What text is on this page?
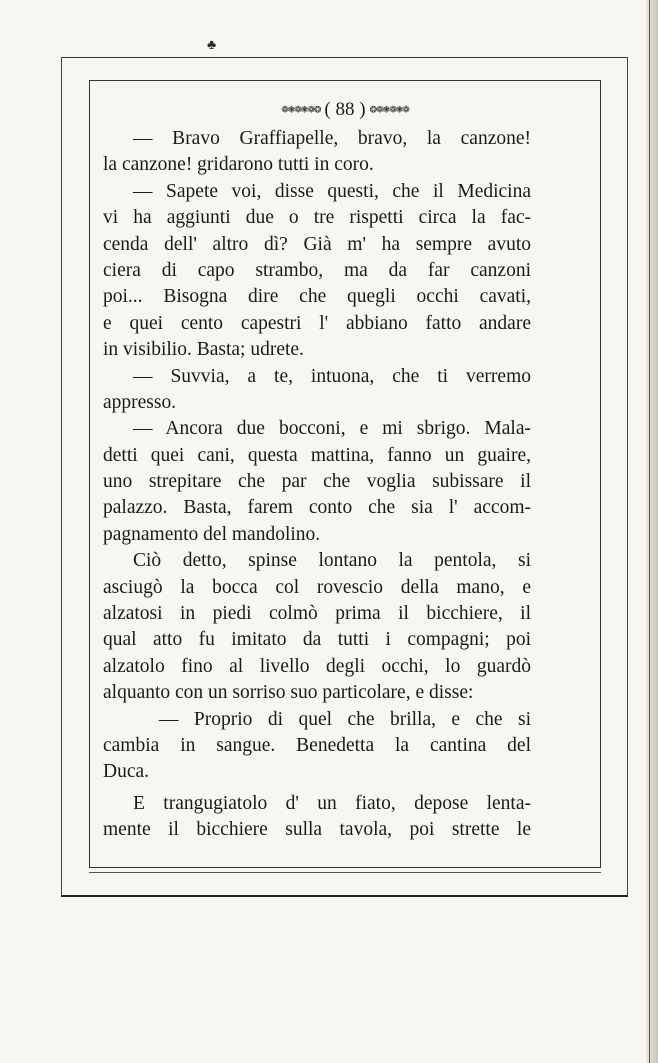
♣
❁❃❁❃❁❂ ( 88 ) ❂❁❃❁❃❁
— Bravo Graffiapelle, bravo, la canzone!
la canzone! gridarono tutti in coro.
— Sapete voi, disse questi, che il Medicina
vi ha aggiunti due o tre rispetti circa la fac-
cenda dell' altro dì? Già m' ha sempre avuto
ciera di capo strambo, ma da far canzoni
poi... Bisogna dire che quegli occhi cavati,
e quei cento capestri l' abbiano fatto andare
in visibilio. Basta; udrete.
— Suvvia, a te, intuona, che ti verremo
appresso.
— Ancora due bocconi, e mi sbrigo. Mala-
detti quei cani, questa mattina, fanno un guaire,
uno strepitare che par che voglia subissare il
palazzo. Basta, farem conto che sia l' accom-
pagnamento del mandolino.
Ciò detto, spinse lontano la pentola, si
asciugò la bocca col rovescio della mano, e
alzatosi in piedi colmò prima il bicchiere, il
qual atto fu imitato da tutti i compagni; poi
alzatolo fino al livello degli occhi, lo guardò
alquanto con un sorriso suo particolare, e disse:
— Proprio di quel che brilla, e che si
cambia in sangue. Benedetta la cantina del
Duca.
E trangugiatolo d' un fiato, depose lenta-
mente il bicchiere sulla tavola, poi strette le
